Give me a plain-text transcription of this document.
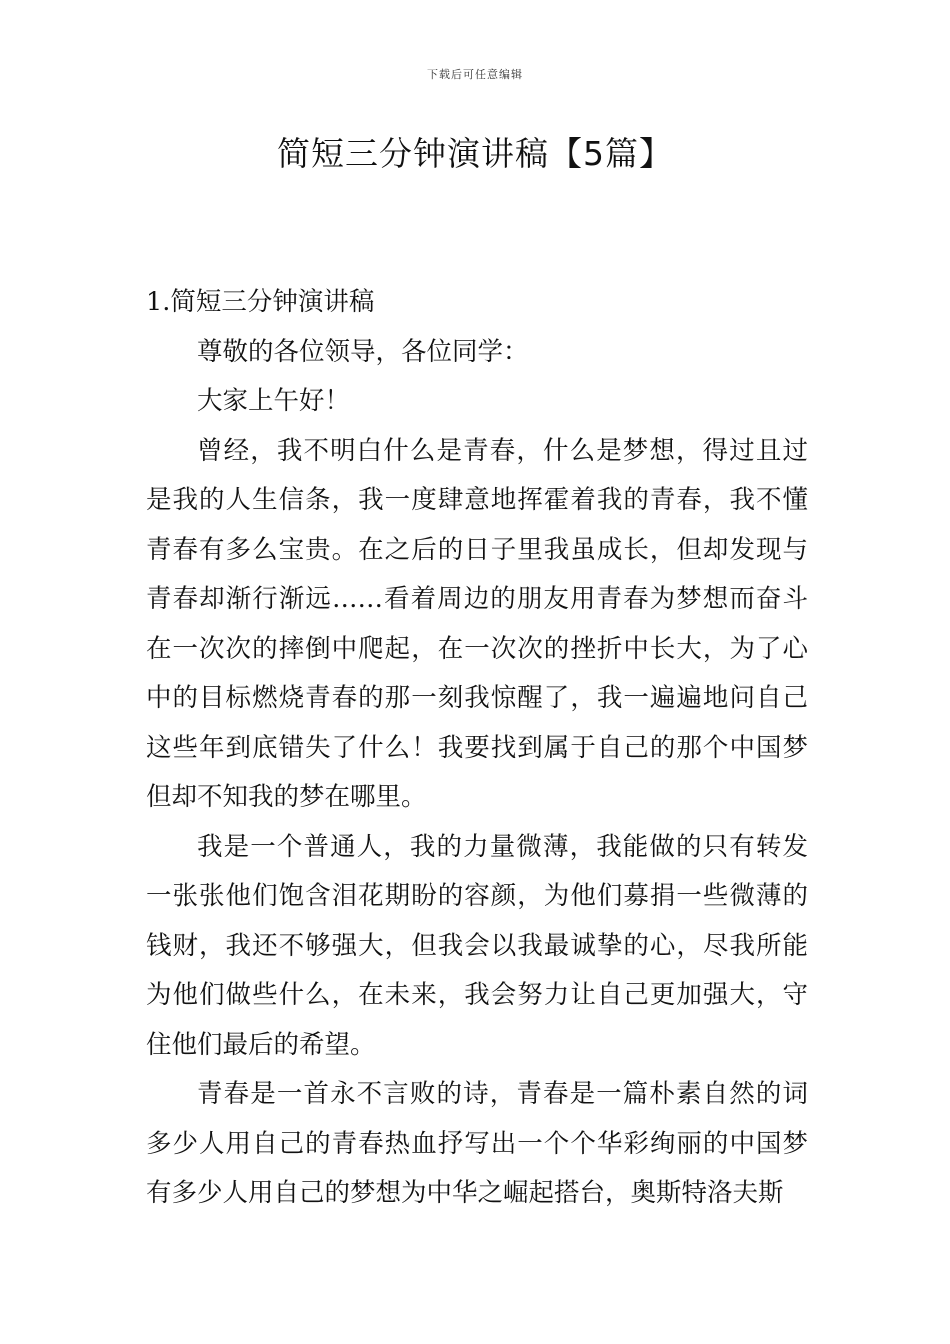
下载后可任意编辑
简短三分钟演讲稿【5篇】
1.简短三分钟演讲稿

尊敬的各位领导，各位同学：

大家上午好！

曾经，我不明白什么是青春，什么是梦想，得过且过是我的人生信条，我一度肆意地挥霍着我的青春，我不懂青春有多么宝贵。在之后的日子里我虽成长，但却发现与青春却渐行渐远……看着周边的朋友用青春为梦想而奋斗在一次次的摔倒中爬起，在一次次的挫折中长大，为了心中的目标燃烧青春的那一刻我惊醒了，我一遍遍地问自己这些年到底错失了什么！我要找到属于自己的那个中国梦但却不知我的梦在哪里。

我是一个普通人，我的力量微薄，我能做的只有转发一张张他们饱含泪花期盼的容颜，为他们募捐一些微薄的钱财，我还不够强大，但我会以我最诚挚的心，尽我所能为他们做些什么，在未来，我会努力让自己更加强大，守住他们最后的希望。

青春是一首永不言败的诗，青春是一篇朴素自然的词多少人用自己的青春热血抒写出一个个华彩绚丽的中国梦有多少人用自己的梦想为中华之崛起搭台，奥斯特洛夫斯
